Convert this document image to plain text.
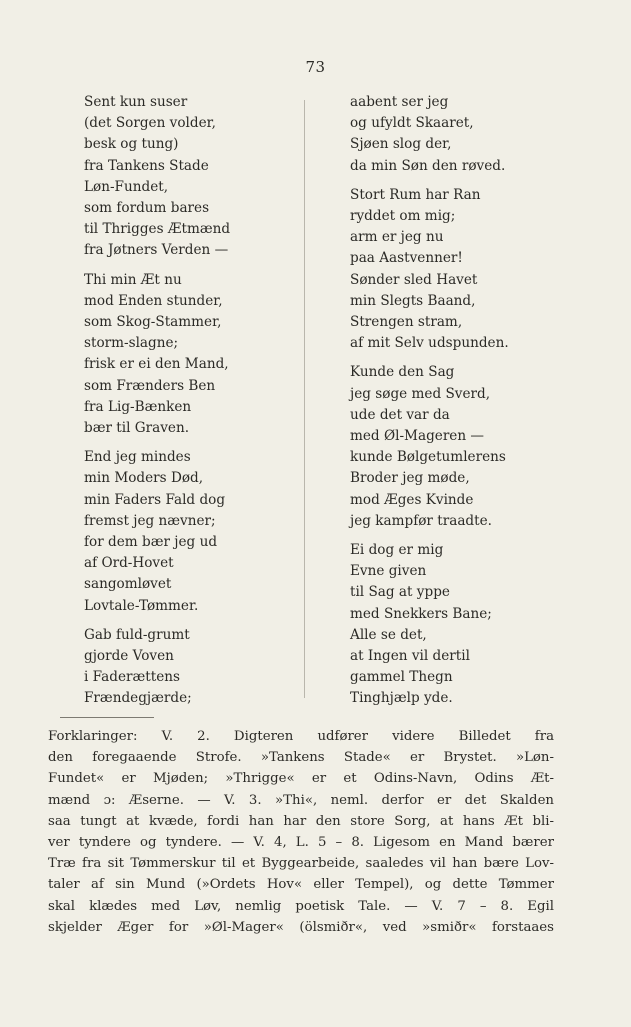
73
Sent kun suser
(det Sorgen volder,
besk og tung)
fra Tankens Stade
Løn-Fundet,
som fordum bares
til Thrigges Ætmænd
fra Jøtners Verden —
Thi min Æt nu
mod Enden stunder,
som Skog-Stammer,
storm-slagne;
frisk er ei den Mand,
som Frænders Ben
fra Lig-Bænken
bær til Graven.
End jeg mindes
min Moders Død,
min Faders Fald dog
fremst jeg nævner;
for dem bær jeg ud
af Ord-Hovet
sangomløvet
Lovtale-Tømmer.
Gab fuld-grumt
gjorde Voven
i Faderættens
Frændegjærde;
aabent ser jeg
og ufyldt Skaaret,
Sjøen slog der,
da min Søn den røved.
Stort Rum har Ran
ryddet om mig;
arm er jeg nu
paa Aastvenner!
Sønder sled Havet
min Slegts Baand,
Strengen stram,
af mit Selv udspunden.
Kunde den Sag
jeg søge med Sverd,
ude det var da
med Øl-Mageren —
kunde Bølgetumlerens
Broder jeg møde,
mod Æges Kvinde
jeg kampfør traadte.
Ei dog er mig
Evne given
til Sag at yppe
med Snekkers Bane;
Alle se det,
at Ingen vil dertil
gammel Thegn
Tinghjælp yde.
Forklaringer: V. 2. Digteren udfører videre Billedet fra
den foregaaende Strofe. »Tankens Stade« er Brystet. »Løn-
Fundet« er Mjøden; »Thrigge« er et Odins-Navn, Odins Æt-
mænd ɔ: Æserne. — V. 3. »Thi«, neml. derfor er det Skalden
saa tungt at kvæde, fordi han har den store Sorg, at hans Æt bli-
ver tyndere og tyndere. — V. 4, L. 5 – 8. Ligesom en Mand bærer
Træ fra sit Tømmerskur til et Byggearbeide, saaledes vil han bære Lov-
taler af sin Mund (»Ordets Hov« eller Tempel), og dette Tømmer
skal klædes med Løv, nemlig poetisk Tale. — V. 7 – 8. Egil
skjelder Æger for »Øl-Mager« (ölsmiðr«, ved »smiðr« forstaaes
